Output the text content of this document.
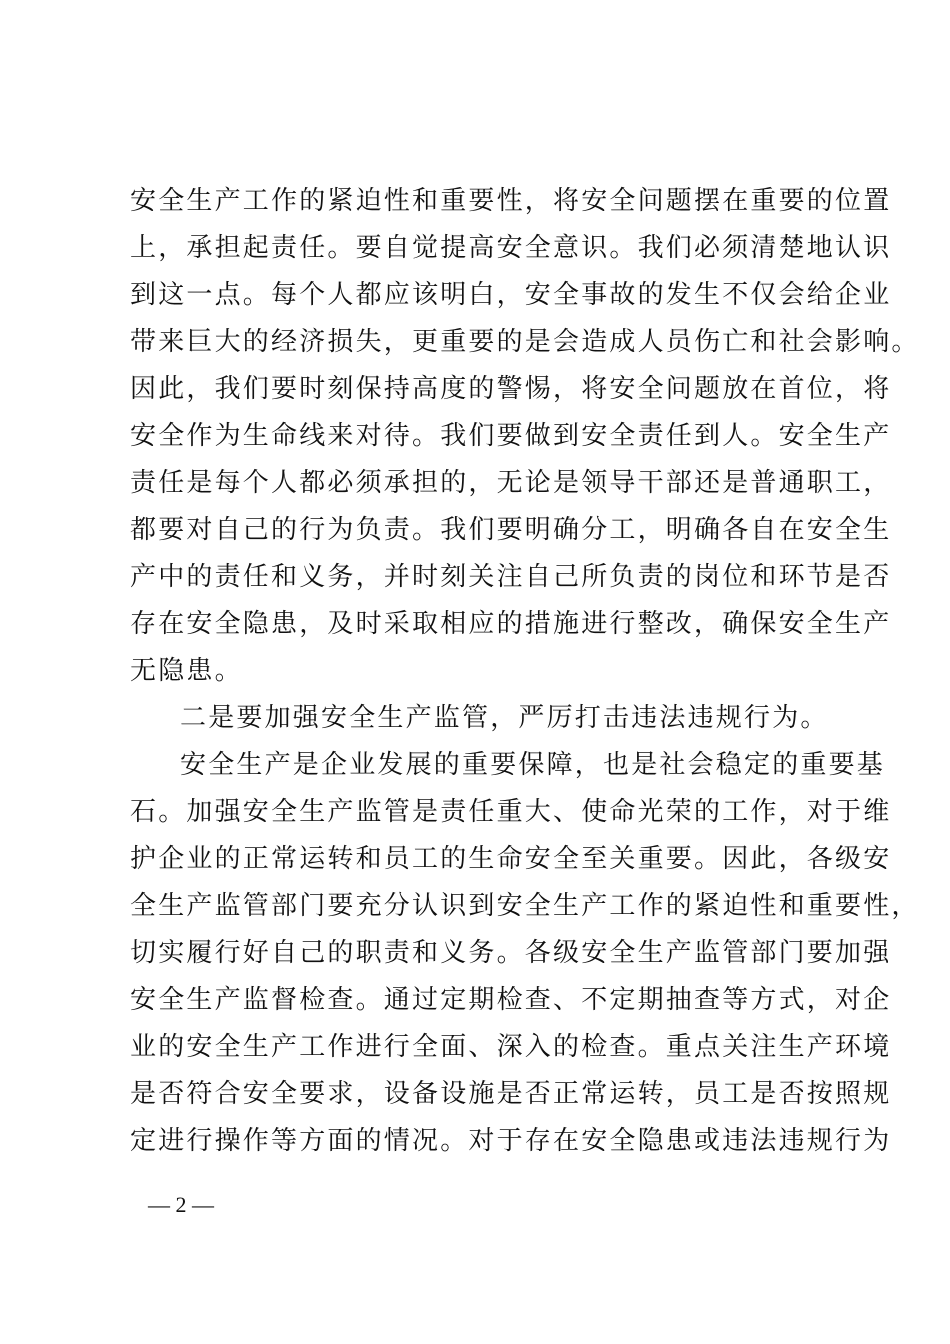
安全生产工作的紧迫性和重要性，将安全问题摆在重要的位置
上，承担起责任。要自觉提高安全意识。我们必须清楚地认识
到这一点。每个人都应该明白，安全事故的发生不仅会给企业
带来巨大的经济损失，更重要的是会造成人员伤亡和社会影响。
因此，我们要时刻保持高度的警惕，将安全问题放在首位，将
安全作为生命线来对待。我们要做到安全责任到人。安全生产
责任是每个人都必须承担的，无论是领导干部还是普通职工，
都要对自己的行为负责。我们要明确分工，明确各自在安全生
产中的责任和义务，并时刻关注自己所负责的岗位和环节是否
存在安全隐患，及时采取相应的措施进行整改，确保安全生产
无隐患。
二是要加强安全生产监管，严厉打击违法违规行为。
安全生产是企业发展的重要保障，也是社会稳定的重要基
石。加强安全生产监管是责任重大、使命光荣的工作，对于维
护企业的正常运转和员工的生命安全至关重要。因此，各级安
全生产监管部门要充分认识到安全生产工作的紧迫性和重要性，
切实履行好自己的职责和义务。各级安全生产监管部门要加强
安全生产监督检查。通过定期检查、不定期抽查等方式，对企
业的安全生产工作进行全面、深入的检查。重点关注生产环境
是否符合安全要求，设备设施是否正常运转，员工是否按照规
定进行操作等方面的情况。对于存在安全隐患或违法违规行为
— 2 —
